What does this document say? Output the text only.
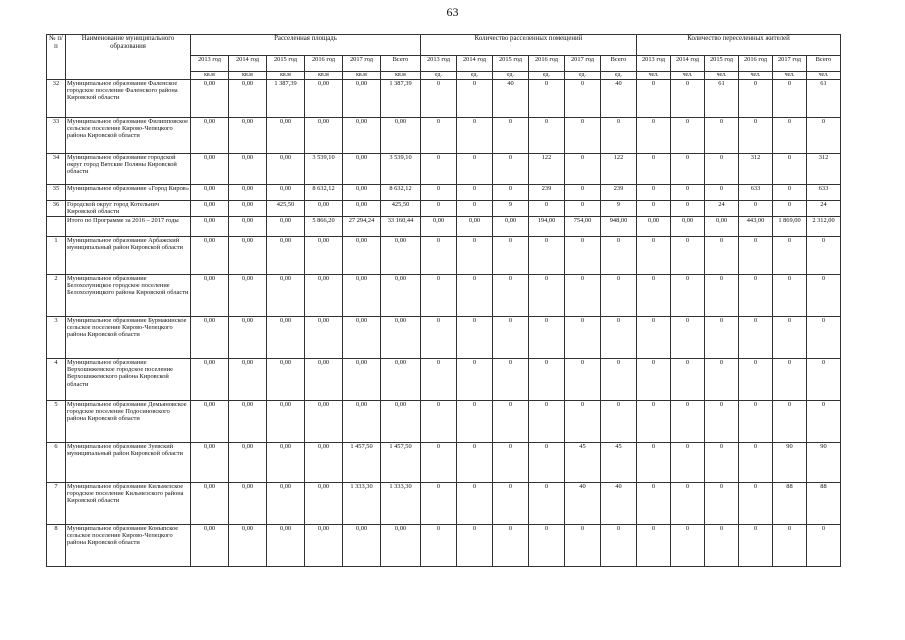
63
№ п/п	Наименование муниципального образования	Расселенная площадь						Количество расселенных помещений						Количество переселенных жителей					
		2013 год	2014 год	2015 год	2016 год	2017 год	Всего	2013 год	2014 год	2015 год	2016 год	2017 год	Всего	2013 год	2014 год	2015 год	2016 год	2017 год	Всего
		кв.м	кв.м	кв.м	кв.м	кв.м	кв.м	ед.	ед.	ед.	ед.	ед.	ед.	чел.	чел.	чел.	чел.	чел.	чел.
32	Муниципальное образование Фаленское городское поселение Фаленского района Кировской области	0,00	0,00	1 387,39	0,00	0,00	1 387,39	0	0	40	0	0	40	0	0	61	0	0	61
33	Муниципальное образование Филипповское сельское поселение Кирово-Чепецкого района Кировской области	0,00	0,00	0,00	0,00	0,00	0,00	0	0	0	0	0	0	0	0	0	0	0	0
34	Муниципальное образование городской округ город Вятские Поляны Кировской области	0,00	0,00	0,00	3 539,10	0,00	3 539,10	0	0	0	122	0	122	0	0	0	312	0	312
35	Муниципальное образование «Город Киров»	0,00	0,00	0,00	8 632,12	0,00	8 632,12	0	0	0	239	0	239	0	0	0	633	0	633
36	Городской округ город Котельнич Кировской области	0,00	0,00	425,50	0,00	0,00	425,50	0	0	9	0	0	9	0	0	24	0	0	24
	Итого по Программе за 2016 – 2017 годы	0,00	0,00	0,00	5 866,20	27 294,24	33 160,44	0,00	0,00	0,00	194,00	754,00	948,00	0,00	0,00	0,00	443,00	1 869,00	2 312,00
1	Муниципальное образование Арбажский муниципальный район Кировской области	0,00	0,00	0,00	0,00	0,00	0,00	0	0	0	0	0	0	0	0	0	0	0	0
2	Муниципальное образование Белохолуницкое городское поселение Белохолуницкого района Кировской области	0,00	0,00	0,00	0,00	0,00	0,00	0	0	0	0	0	0	0	0	0	0	0	0
3	Муниципальное образование Бурмакинское сельское поселение Кирово-Чепецкого района Кировской области	0,00	0,00	0,00	0,00	0,00	0,00	0	0	0	0	0	0	0	0	0	0	0	0
4	Муниципальное образование Верхошижемское городское поселение Верхошижемского района Кировской области	0,00	0,00	0,00	0,00	0,00	0,00	0	0	0	0	0	0	0	0	0	0	0	0
5	Муниципальное образование Демьяновское городское поселение Подосиновского района Кировской области	0,00	0,00	0,00	0,00	0,00	0,00	0	0	0	0	0	0	0	0	0	0	0	0
6	Муниципальное образование Зуевский муниципальный район Кировской области	0,00	0,00	0,00	0,00	1 457,50	1 457,50	0	0	0	0	45	45	0	0	0	0	90	90
7	Муниципальное образование Кильмезское городское поселение Кильмезского района Кировской области	0,00	0,00	0,00	0,00	1 333,30	1 333,30	0	0	0	0	40	40	0	0	0	0	88	88
8	Муниципальное образование Коныпское сельское поселение Кирово-Чепецкого района Кировской области	0,00	0,00	0,00	0,00	0,00	0,00	0	0	0	0	0	0	0	0	0	0	0	0
